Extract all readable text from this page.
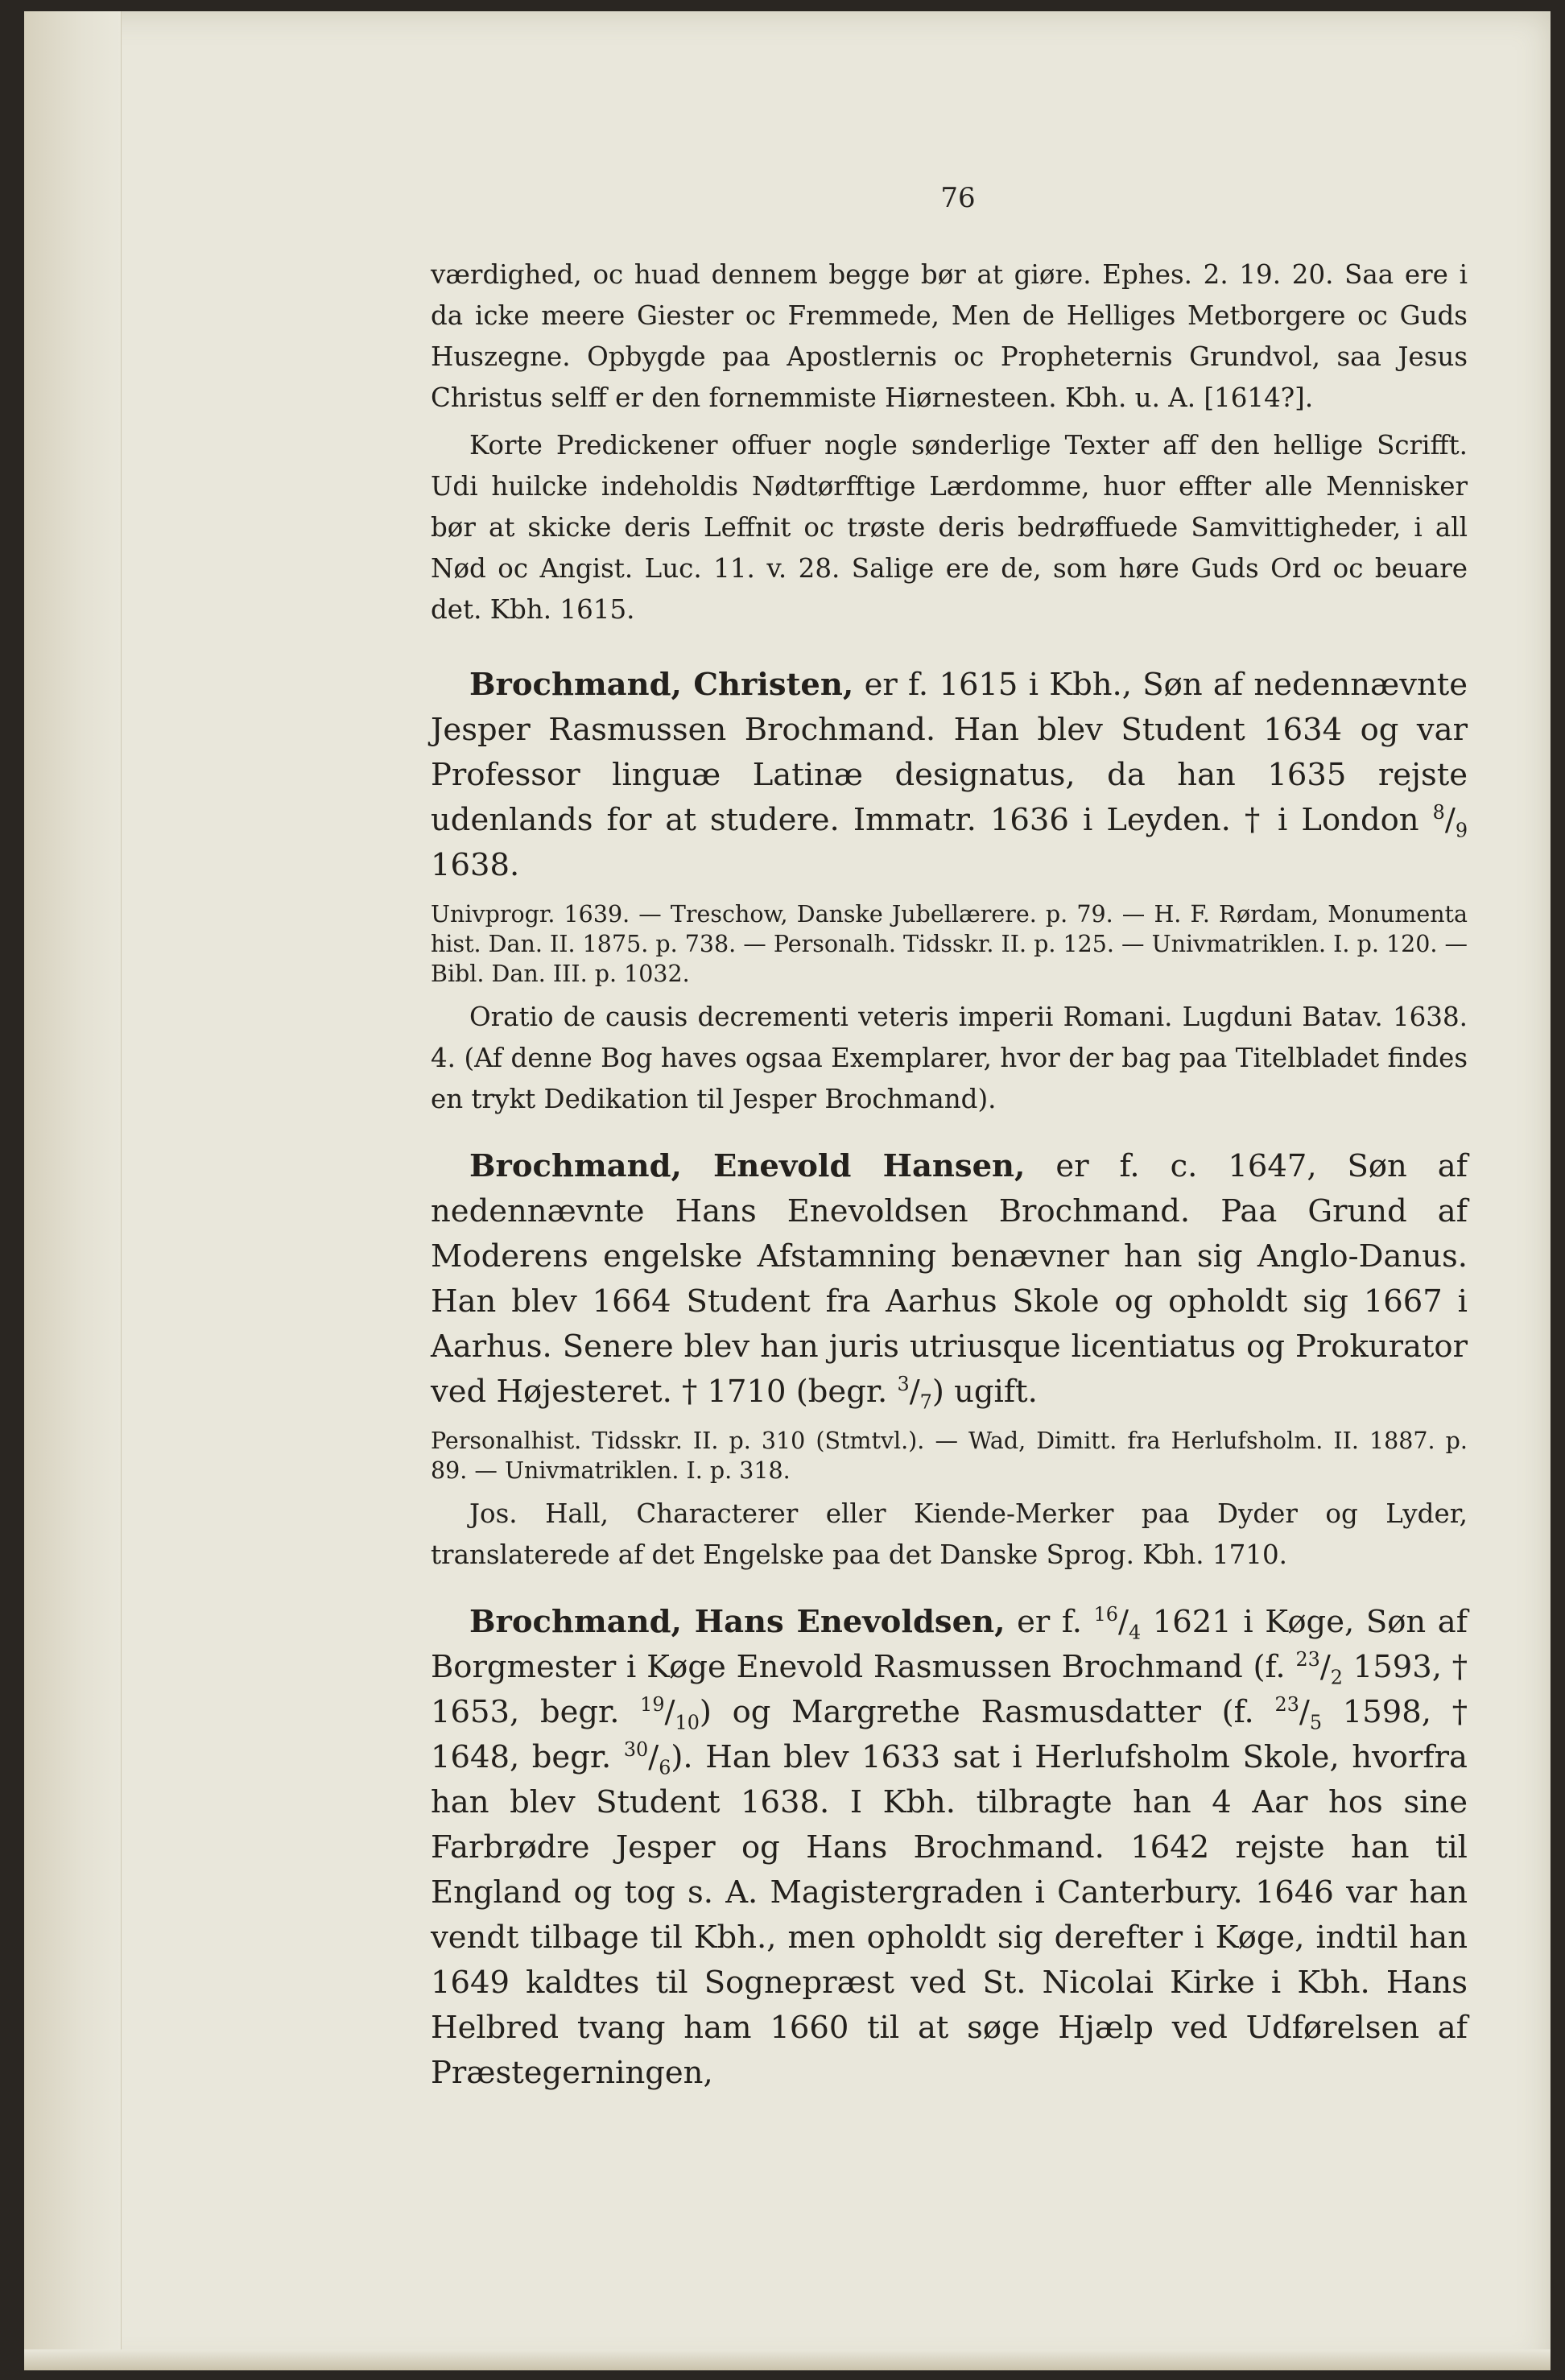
76

værdighed, oc huad dennem begge bør at giøre. Ephes. 2. 19. 20. Saa ere i da icke meere Giester oc Fremmede, Men de Helliges Metborgere oc Guds Huszegne. Opbygde paa Apostlernis oc Propheternis Grundvol, saa Jesus Christus selff er den fornemmiste Hiørnesteen. Kbh. u. A. [1614?].

Korte Predickener offuer nogle sønderlige Texter aff den hellige Scrifft. Udi huilcke indeholdis Nødtørfftige Lærdomme, huor effter alle Mennisker bør at skicke deris Leffnit oc trøste deris bedrøffuede Samvittigheder, i all Nød oc Angist. Luc. 11. v. 28. Salige ere de, som høre Guds Ord oc beuare det. Kbh. 1615.

Brochmand, Christen, er f. 1615 i Kbh., Søn af nedennævnte Jesper Rasmussen Brochmand. Han blev Student 1634 og var Professor linguæ Latinæ designatus, da han 1635 rejste udenlands for at studere. Immatr. 1636 i Leyden. † i London $^8/_9$ 1638.

Univprogr. 1639. — Treschow, Danske Jubellærere. p. 79. — H. F. Rørdam, Monumenta hist. Dan. II. 1875. p. 738. — Personalh. Tidsskr. II. p. 125. — Univmatriklen. I. p. 120. — Bibl. Dan. III. p. 1032.

Oratio de causis decrementi veteris imperii Romani. Lugduni Batav. 1638. 4. (Af denne Bog haves ogsaa Exemplarer, hvor der bag paa Titelbladet findes en trykt Dedikation til Jesper Brochmand).

Brochmand, Enevold Hansen, er f. c. 1647, Søn af nedennævnte Hans Enevoldsen Brochmand. Paa Grund af Moderens engelske Afstamning benævner han sig Anglo-Danus. Han blev 1664 Student fra Aarhus Skole og opholdt sig 1667 i Aarhus. Senere blev han juris utriusque licentiatus og Prokurator ved Højesteret. † 1710 (begr. $^3/_7$) ugift.

Personalhist. Tidsskr. II. p. 310 (Stmtvl.). — Wad, Dimitt. fra Herlufsholm. II. 1887. p. 89. — Univmatriklen. I. p. 318.

Jos. Hall, Characterer eller Kiende-Merker paa Dyder og Lyder, translaterede af det Engelske paa det Danske Sprog. Kbh. 1710.

Brochmand, Hans Enevoldsen, er f. $^{16}/_4$ 1621 i Køge, Søn af Borgmester i Køge Enevold Rasmussen Brochmand (f. $^{23}/_2$ 1593, † 1653, begr. $^{19}/_{10}$) og Margrethe Rasmusdatter (f. $^{23}/_5$ 1598, † 1648, begr. $^{30}/_6$). Han blev 1633 sat i Herlufsholm Skole, hvorfra han blev Student 1638. I Kbh. tilbragte han 4 Aar hos sine Farbrødre Jesper og Hans Brochmand. 1642 rejste han til England og tog s. A. Magistergraden i Canterbury. 1646 var han vendt tilbage til Kbh., men opholdt sig derefter i Køge, indtil han 1649 kaldtes til Sognepræst ved St. Nicolai Kirke i Kbh. Hans Helbred tvang ham 1660 til at søge Hjælp ved Udførelsen af Præstegerningen,
